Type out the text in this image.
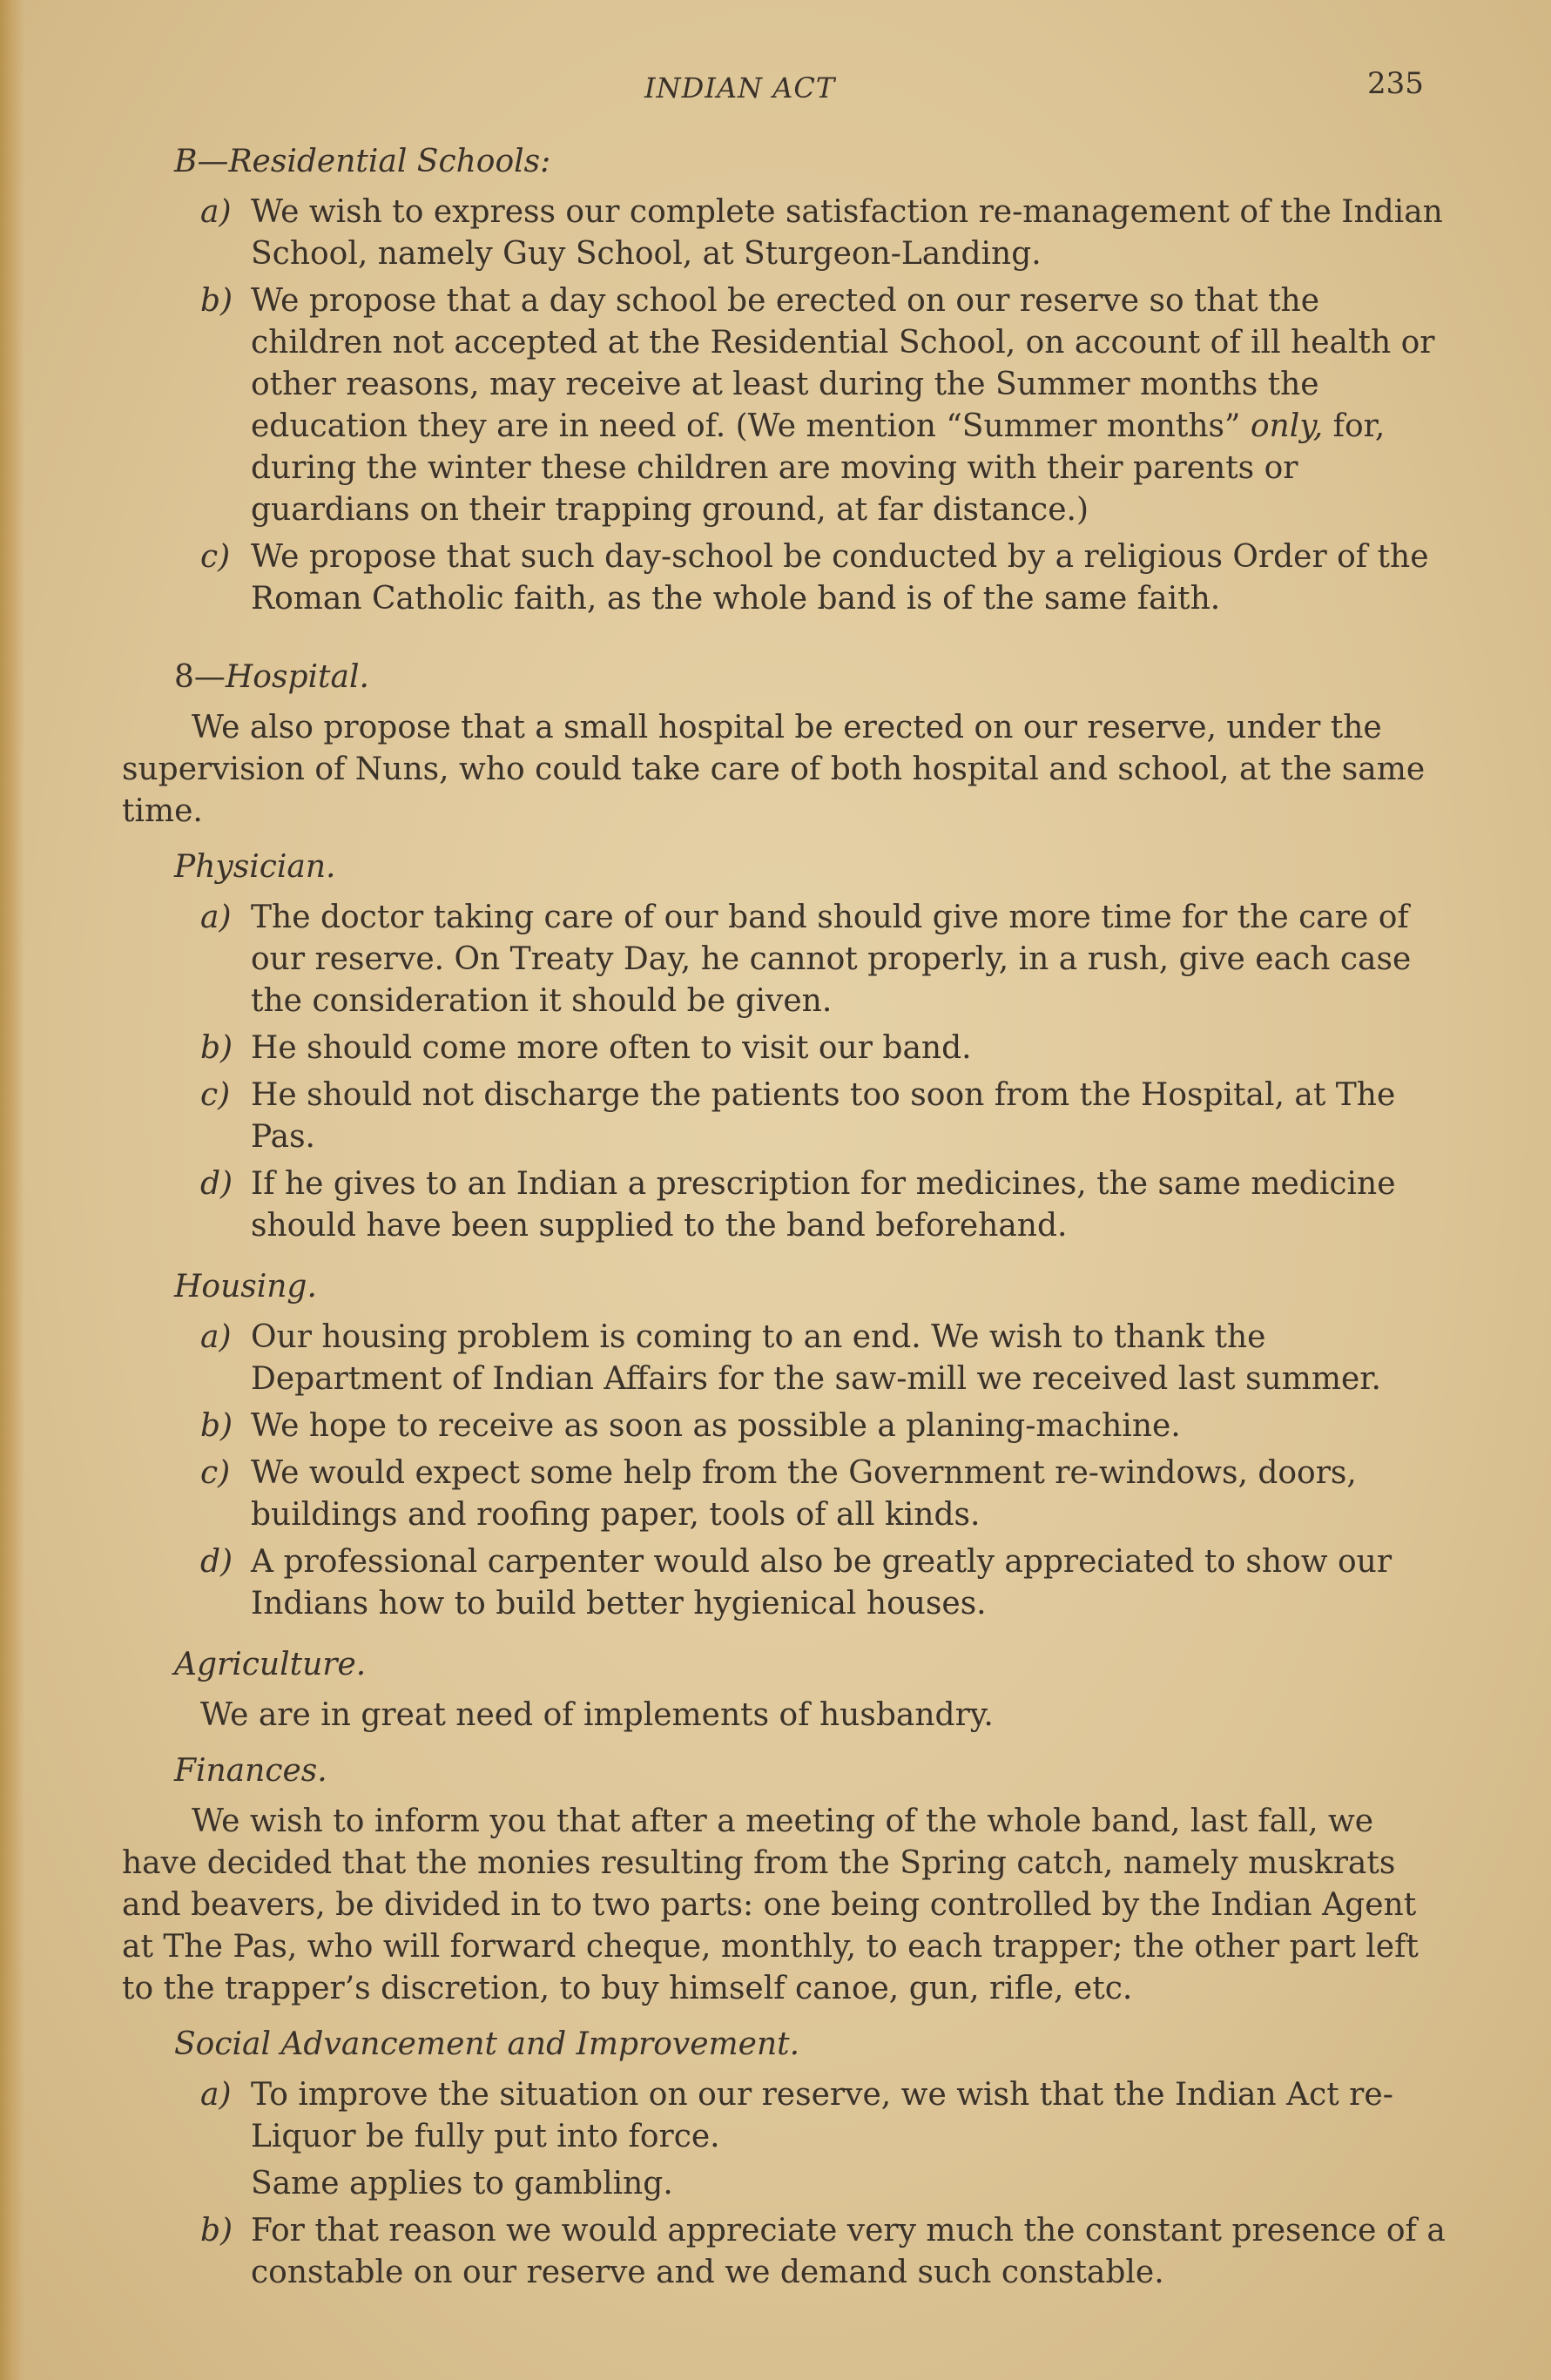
INDIAN ACT	235

B—Residential Schools:

a) We wish to express our complete satisfaction re-management of the Indian School, namely Guy School, at Sturgeon-Landing.
b) We propose that a day school be erected on our reserve so that the children not accepted at the Residential School, on account of ill health or other reasons, may receive at least during the Summer months the education they are in need of. (We mention “Summer months” only, for, during the winter these children are moving with their parents or guardians on their trapping ground, at far distance.)
c) We propose that such day-school be conducted by a religious Order of the Roman Catholic faith, as the whole band is of the same faith.

8—Hospital.

We also propose that a small hospital be erected on our reserve, under the supervision of Nuns, who could take care of both hospital and school, at the same time.

Physician.

a) The doctor taking care of our band should give more time for the care of our reserve. On Treaty Day, he cannot properly, in a rush, give each case the consideration it should be given.
b) He should come more often to visit our band.
c) He should not discharge the patients too soon from the Hospital, at The Pas.
d) If he gives to an Indian a prescription for medicines, the same medicine should have been supplied to the band beforehand.

Housing.

a) Our housing problem is coming to an end. We wish to thank the Department of Indian Affairs for the saw-mill we received last summer.
b) We hope to receive as soon as possible a planing-machine.
c) We would expect some help from the Government re-windows, doors, buildings and roofing paper, tools of all kinds.
d) A professional carpenter would also be greatly appreciated to show our Indians how to build better hygienical houses.

Agriculture.

We are in great need of implements of husbandry.

Finances.

We wish to inform you that after a meeting of the whole band, last fall, we have decided that the monies resulting from the Spring catch, namely muskrats and beavers, be divided in to two parts: one being controlled by the Indian Agent at The Pas, who will forward cheque, monthly, to each trapper; the other part left to the trapper’s discretion, to buy himself canoe, gun, rifle, etc.

Social Advancement and Improvement.

a) To improve the situation on our reserve, we wish that the Indian Act re-Liquor be fully put into force.

Same applies to gambling.

b) For that reason we would appreciate very much the constant presence of a constable on our reserve and we demand such constable.
